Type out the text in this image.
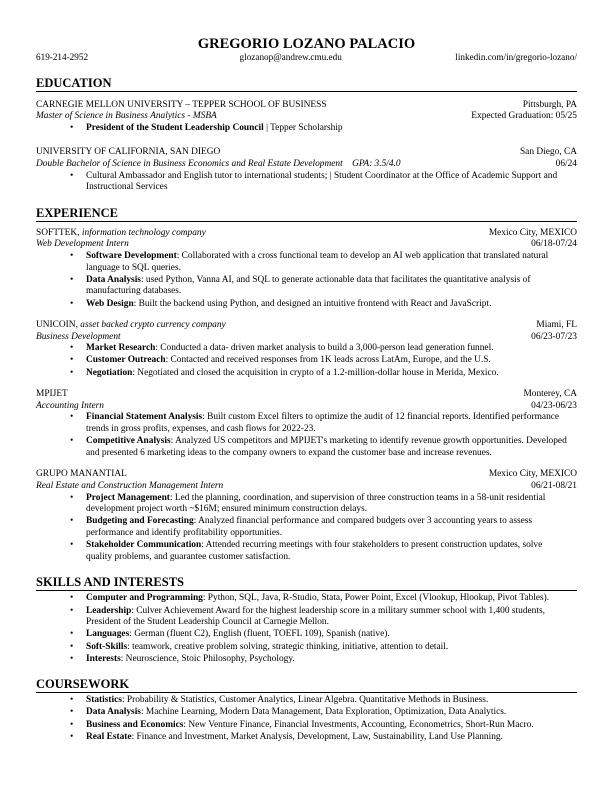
GREGORIO LOZANO PALACIO
619-214-2952	glozanop@andrew.cmu.edu	linkedin.com/in/gregorio-lozano/
EDUCATION
CARNEGIE MELLON UNIVERSITY – TEPPER SCHOOL OF BUSINESS	Pittsburgh, PA
Master of Science in Business Analytics - MSBA	Expected Graduation: 05/25
• President of the Student Leadership Council | Tepper Scholarship
UNIVERSITY OF CALIFORNIA, SAN DIEGO	San Diego, CA
Double Bachelor of Science in Business Economics and Real Estate Development    GPA: 3.5/4.0	06/24
• Cultural Ambassador and English tutor to international students; | Student Coordinator at the Office of Academic Support and Instructional Services
EXPERIENCE
SOFTTEK, information technology company	Mexico City, MEXICO
Web Development Intern	06/18-07/24
• Software Development: Collaborated with a cross functional team to develop an AI web application that translated natural language to SQL queries.
• Data Analysis: used Python, Vanna AI, and SQL to generate actionable data that facilitates the quantitative analysis of manufacturing databases.
• Web Design: Built the backend using Python, and designed an intuitive frontend with React and JavaScript.
UNICOIN, asset backed crypto currency company	Miami, FL
Business Development	06/23-07/23
• Market Research: Conducted a data- driven market analysis to build a 3,000-person lead generation funnel.
• Customer Outreach: Contacted and received responses from 1K leads across LatAm, Europe, and the U.S.
• Negotiation: Negotiated and closed the acquisition in crypto of a 1.2-million-dollar house in Merida, Mexico.
MPIJET	Monterey, CA
Accounting Intern	04/23-06/23
• Financial Statement Analysis: Built custom Excel filters to optimize the audit of 12 financial reports. Identified performance trends in gross profits, expenses, and cash flows for 2022-23.
• Competitive Analysis: Analyzed US competitors and MPIJET's marketing to identify revenue growth opportunities. Developed and presented 6 marketing ideas to the company owners to expand the customer base and increase revenues.
GRUPO MANANTIAL	Mexico City, MEXICO
Real Estate and Construction Management Intern	06/21-08/21
• Project Management: Led the planning, coordination, and supervision of three construction teams in a 58-unit residential development project worth ~$16M; ensured minimum construction delays.
• Budgeting and Forecasting: Analyzed financial performance and compared budgets over 3 accounting years to assess performance and identify profitability opportunities.
• Stakeholder Communication: Attended recurring meetings with four stakeholders to present construction updates, solve quality problems, and guarantee customer satisfaction.
SKILLS AND INTERESTS
• Computer and Programming: Python, SQL, Java, R-Studio, Stata, Power Point, Excel (Vlookup, Hlookup, Pivot Tables).
• Leadership: Culver Achievement Award for the highest leadership score in a military summer school with 1,400 students, President of the Student Leadership Council at Carnegie Mellon.
• Languages: German (fluent C2), English (fluent, TOEFL 109), Spanish (native).
• Soft-Skills: teamwork, creative problem solving, strategic thinking, initiative, attention to detail.
• Interests: Neuroscience, Stoic Philosophy, Psychology.
COURSEWORK
• Statistics: Probability & Statistics, Customer Analytics, Linear Algebra. Quantitative Methods in Business.
• Data Analysis: Machine Learning, Modern Data Management, Data Exploration, Optimization, Data Analytics.
• Business and Economics: New Venture Finance, Financial Investments, Accounting, Econometrics, Short-Run Macro.
• Real Estate: Finance and Investment, Market Analysis, Development, Law, Sustainability, Land Use Planning.
